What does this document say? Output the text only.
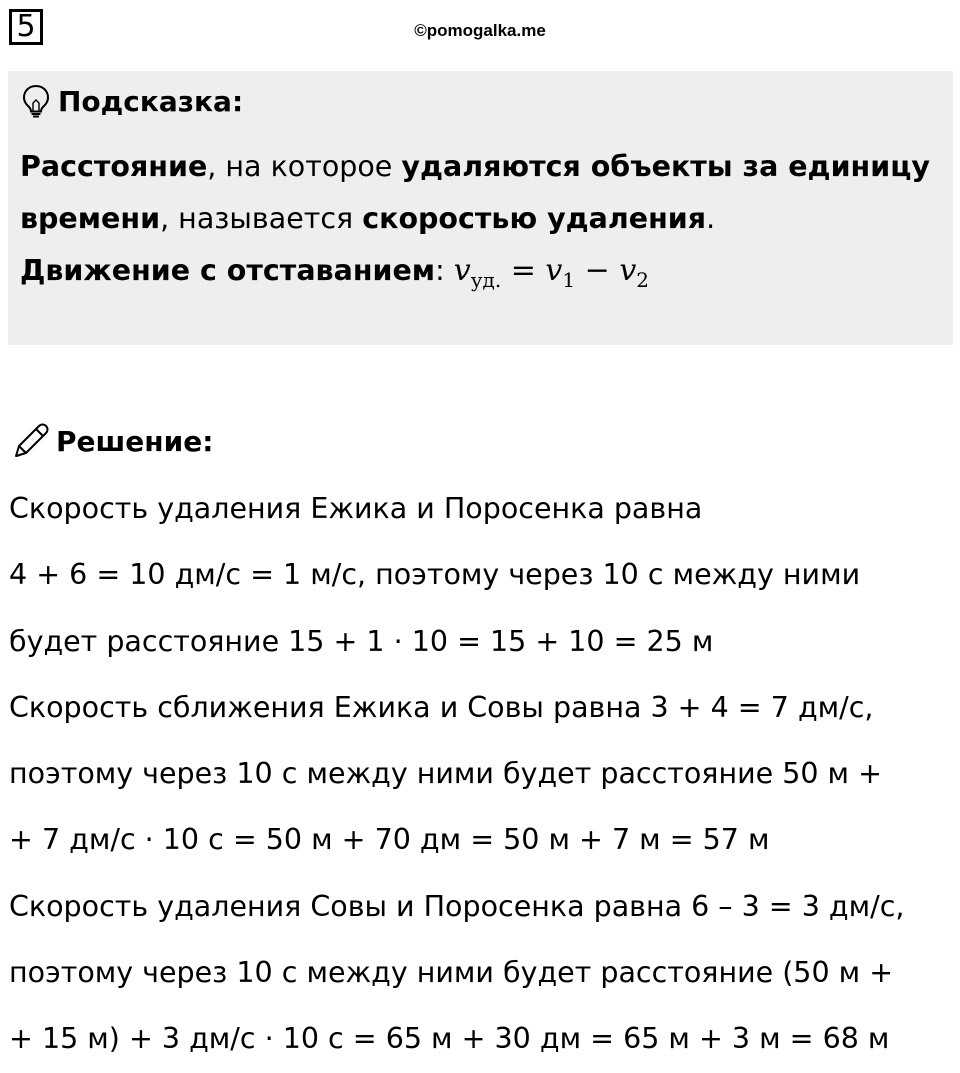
5	©pomogalka.me
Подсказка:
Расстояние, на которое удаляются объекты за единицу
времени, называется скоростью удаления.
Движение с отставанием: $v_{уд.} = v_1 - v_2$
Решение:
Скорость удаления Ежика и Поросенка равна
4 + 6 = 10 дм/с = 1 м/с, поэтому через 10 с между ними
будет расстояние 15 + 1 · 10 = 15 + 10 = 25 м
Скорость сближения Ежика и Совы равна 3 + 4 = 7 дм/с,
поэтому через 10 с между ними будет расстояние 50 м +
+ 7 дм/с · 10 с = 50 м + 70 дм = 50 м + 7 м = 57 м
Скорость удаления Совы и Поросенка равна 6 – 3 = 3 дм/с,
поэтому через 10 с между ними будет расстояние (50 м +
+ 15 м) + 3 дм/с · 10 с = 65 м + 30 дм = 65 м + 3 м = 68 м
